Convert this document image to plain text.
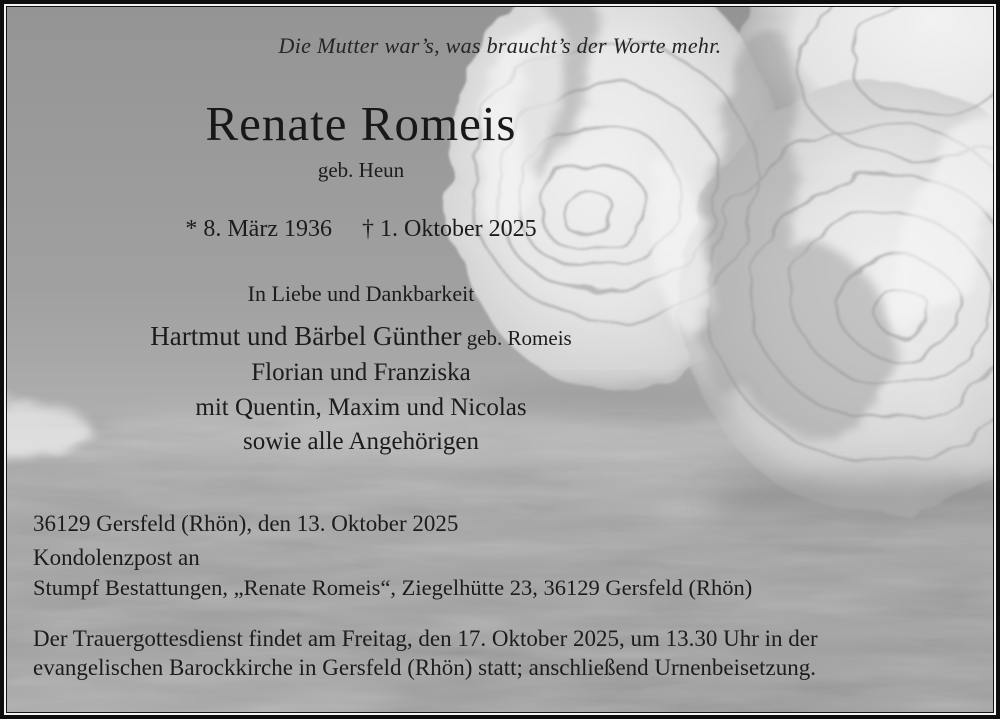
Die Mutter war’s, was braucht’s der Worte mehr.
Renate Romeis
geb. Heun
* 8. März 1936 † 1. Oktober 2025
In Liebe und Dankbarkeit
Hartmut und Bärbel Günther geb. Romeis
Florian und Franziska
mit Quentin, Maxim und Nicolas
sowie alle Angehörigen
36129 Gersfeld (Rhön), den 13. Oktober 2025
Kondolenzpost an
Stumpf Bestattungen, „Renate Romeis“, Ziegelhütte 23, 36129 Gersfeld (Rhön)
Der Trauergottesdienst findet am Freitag, den 17. Oktober 2025, um 13.30 Uhr in der
evangelischen Barockkirche in Gersfeld (Rhön) statt; anschließend Urnenbeisetzung.
